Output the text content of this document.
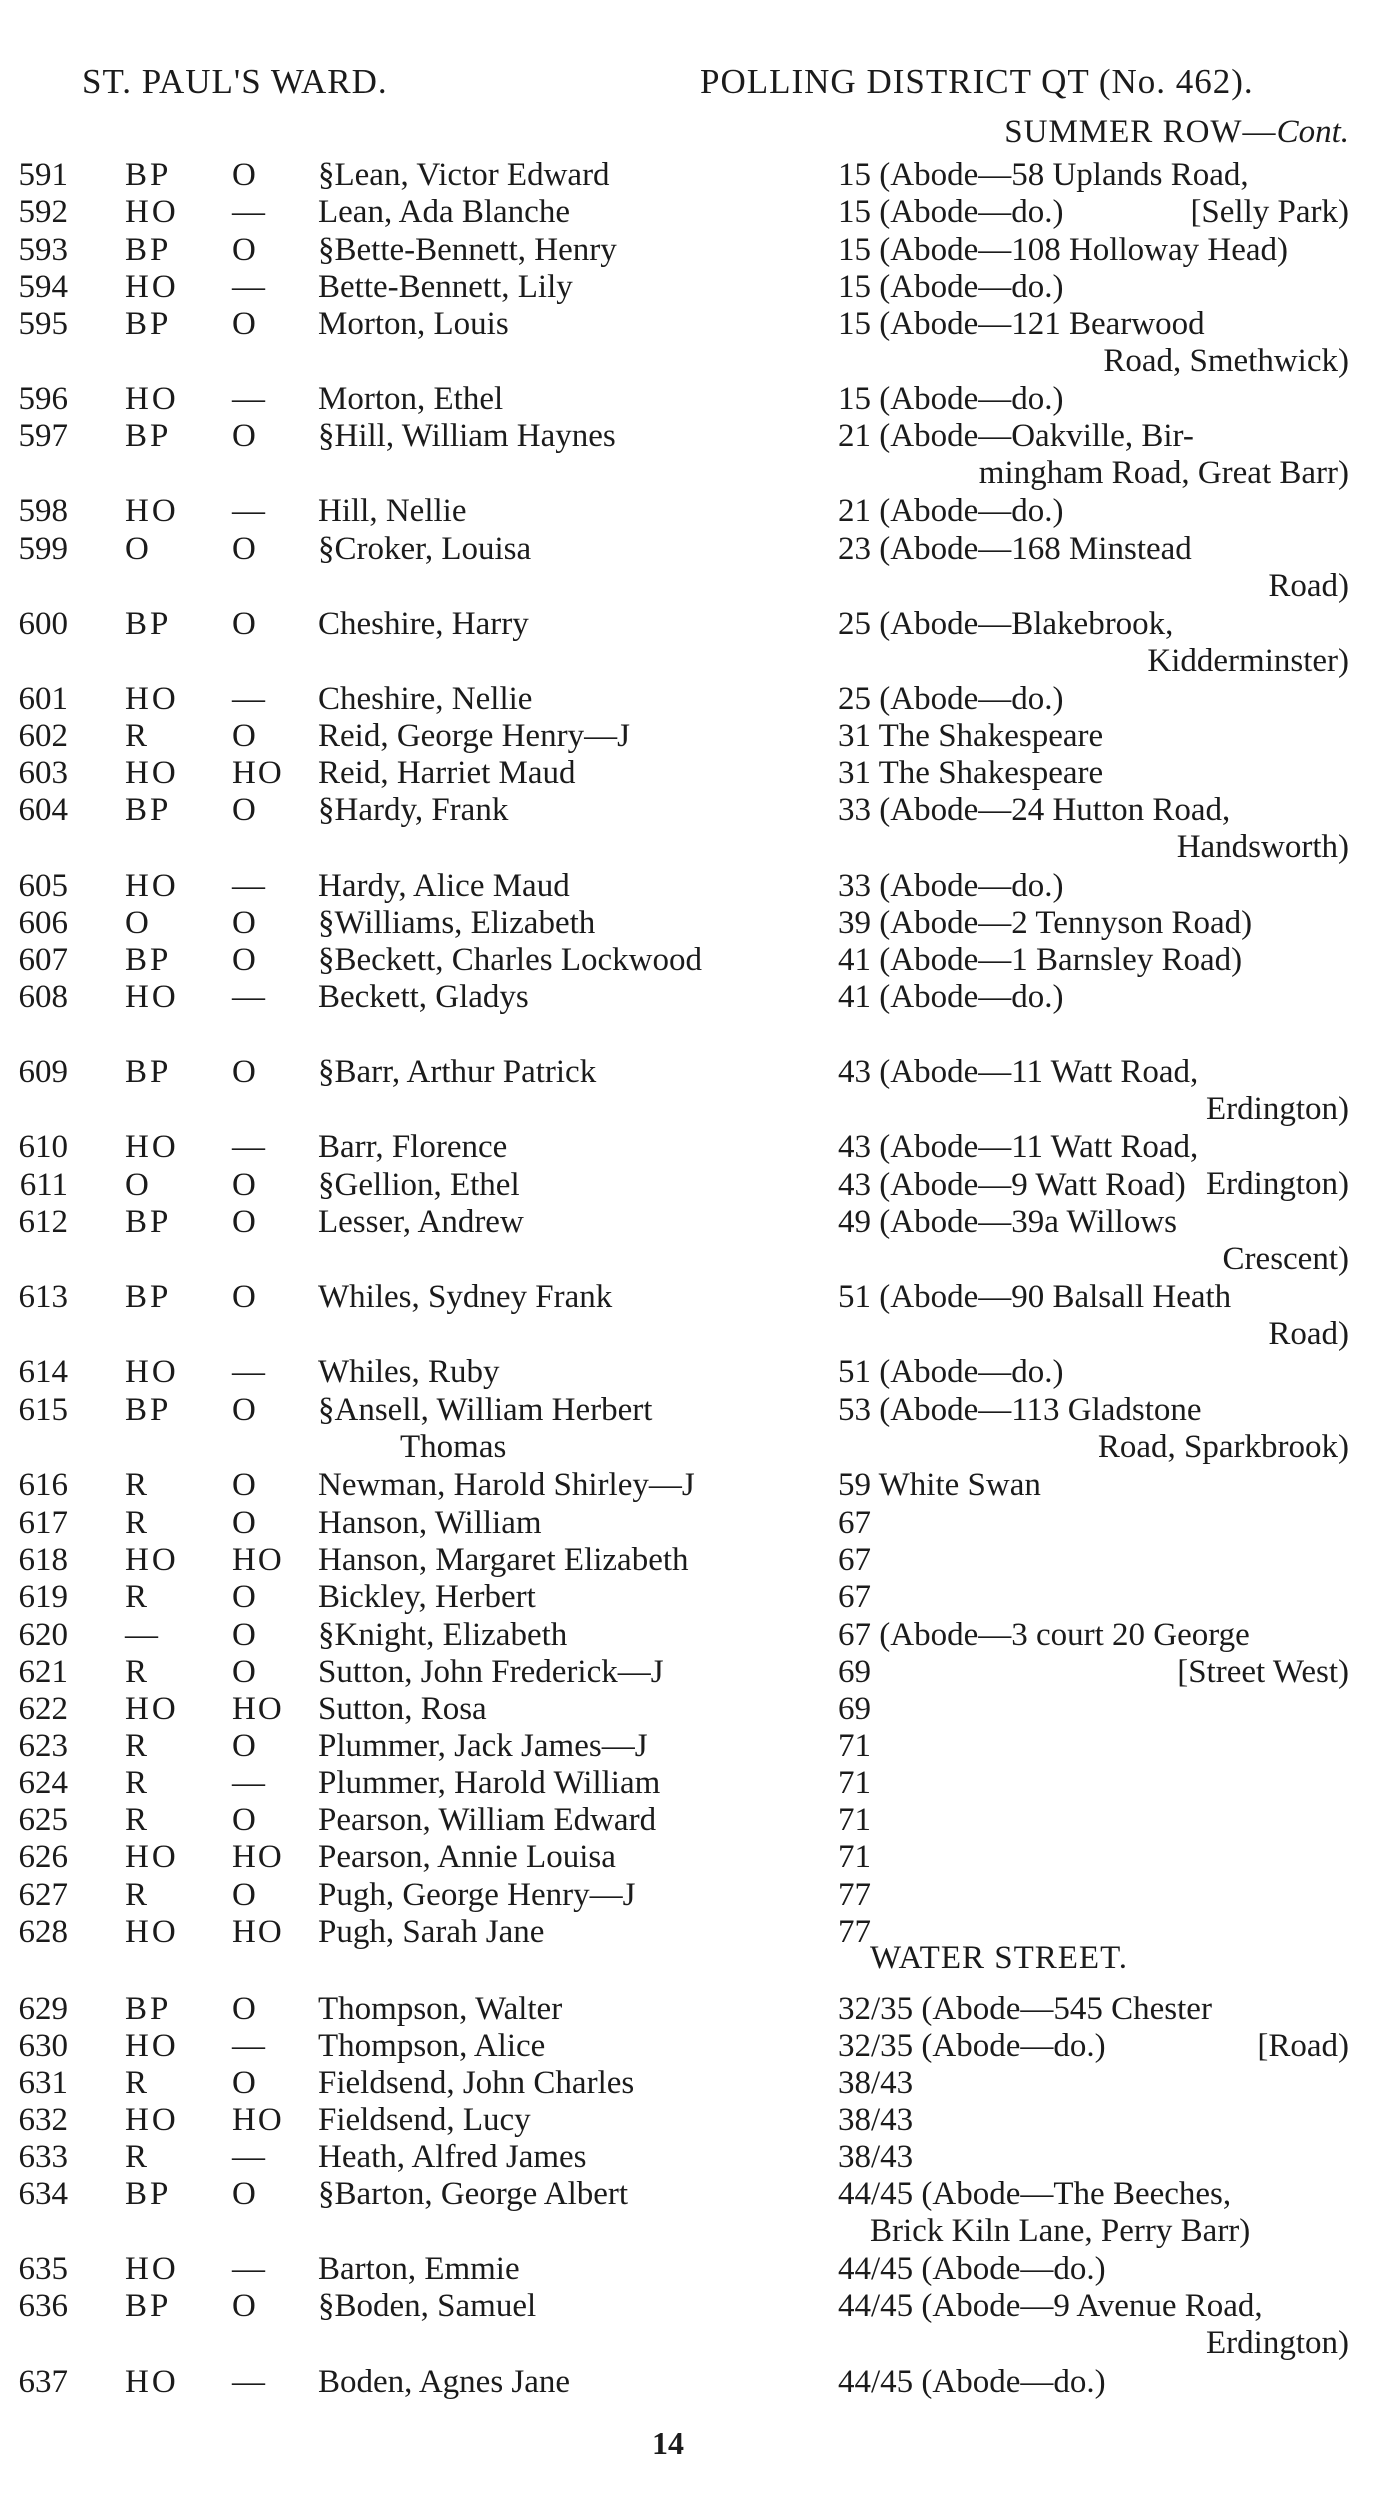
ST. PAUL'S WARD.	POLLING DISTRICT QT (No. 462).
SUMMER ROW—Cont.
WATER STREET.
591 BP O §Lean, Victor Edward	15 (Abode—58 Uplands Road,
592 HO — Lean, Ada Blanche	15 (Abode—do.)	[Selly Park)
593 BP O §Bette-Bennett, Henry	15 (Abode—108 Holloway Head)
594 HO — Bette-Bennett, Lily	15 (Abode—do.)
595 BP O Morton, Louis	15 (Abode—121 Bearwood
Road, Smethwick)
596 HO — Morton, Ethel	15 (Abode—do.)
597 BP O §Hill, William Haynes	21 (Abode—Oakville, Bir-
mingham Road, Great Barr)
598 HO — Hill, Nellie	21 (Abode—do.)
599 O O §Croker, Louisa	23 (Abode—168 Minstead
Road)
600 BP O Cheshire, Harry	25 (Abode—Blakebrook,
Kidderminster)
601 HO — Cheshire, Nellie	25 (Abode—do.)
602 R O Reid, George Henry—J	31 The Shakespeare
603 HO HO Reid, Harriet Maud	31 The Shakespeare
604 BP O §Hardy, Frank	33 (Abode—24 Hutton Road,
Handsworth)
605 HO — Hardy, Alice Maud	33 (Abode—do.)
606 O O §Williams, Elizabeth	39 (Abode—2 Tennyson Road)
607 BP O §Beckett, Charles Lockwood	41 (Abode—1 Barnsley Road)
608 HO — Beckett, Gladys	41 (Abode—do.)
609 BP O §Barr, Arthur Patrick	43 (Abode—11 Watt Road,
Erdington)
610 HO — Barr, Florence	43 (Abode—11 Watt Road,
Erdington)
611 O O §Gellion, Ethel	43 (Abode—9 Watt Road)
612 BP O Lesser, Andrew	49 (Abode—39a Willows
Crescent)
613 BP O Whiles, Sydney Frank	51 (Abode—90 Balsall Heath
Road)
614 HO — Whiles, Ruby	51 (Abode—do.)
615 BP O §Ansell, William Herbert	53 (Abode—113 Gladstone
Thomas	Road, Sparkbrook)
616 R O Newman, Harold Shirley—J	59 White Swan
617 R O Hanson, William	67
618 HO HO Hanson, Margaret Elizabeth	67
619 R O Bickley, Herbert	67
620 — O §Knight, Elizabeth	67 (Abode—3 court 20 George
621 R O Sutton, John Frederick—J	69	[Street West)
622 HO HO Sutton, Rosa	69
623 R O Plummer, Jack James—J	71
624 R — Plummer, Harold William	71
625 R O Pearson, William Edward	71
626 HO HO Pearson, Annie Louisa	71
627 R O Pugh, George Henry—J	77
628 HO HO Pugh, Sarah Jane	77
629 BP O Thompson, Walter	32/35 (Abode—545 Chester
630 HO — Thompson, Alice	32/35 (Abode—do.)	[Road)
631 R O Fieldsend, John Charles	38/43
632 HO HO Fieldsend, Lucy	38/43
633 R — Heath, Alfred James	38/43
634 BP O §Barton, George Albert	44/45 (Abode—The Beeches,
Brick Kiln Lane, Perry Barr)
635 HO — Barton, Emmie	44/45 (Abode—do.)
636 BP O §Boden, Samuel	44/45 (Abode—9 Avenue Road,
Erdington)
637 HO — Boden, Agnes Jane	44/45 (Abode—do.)
14
